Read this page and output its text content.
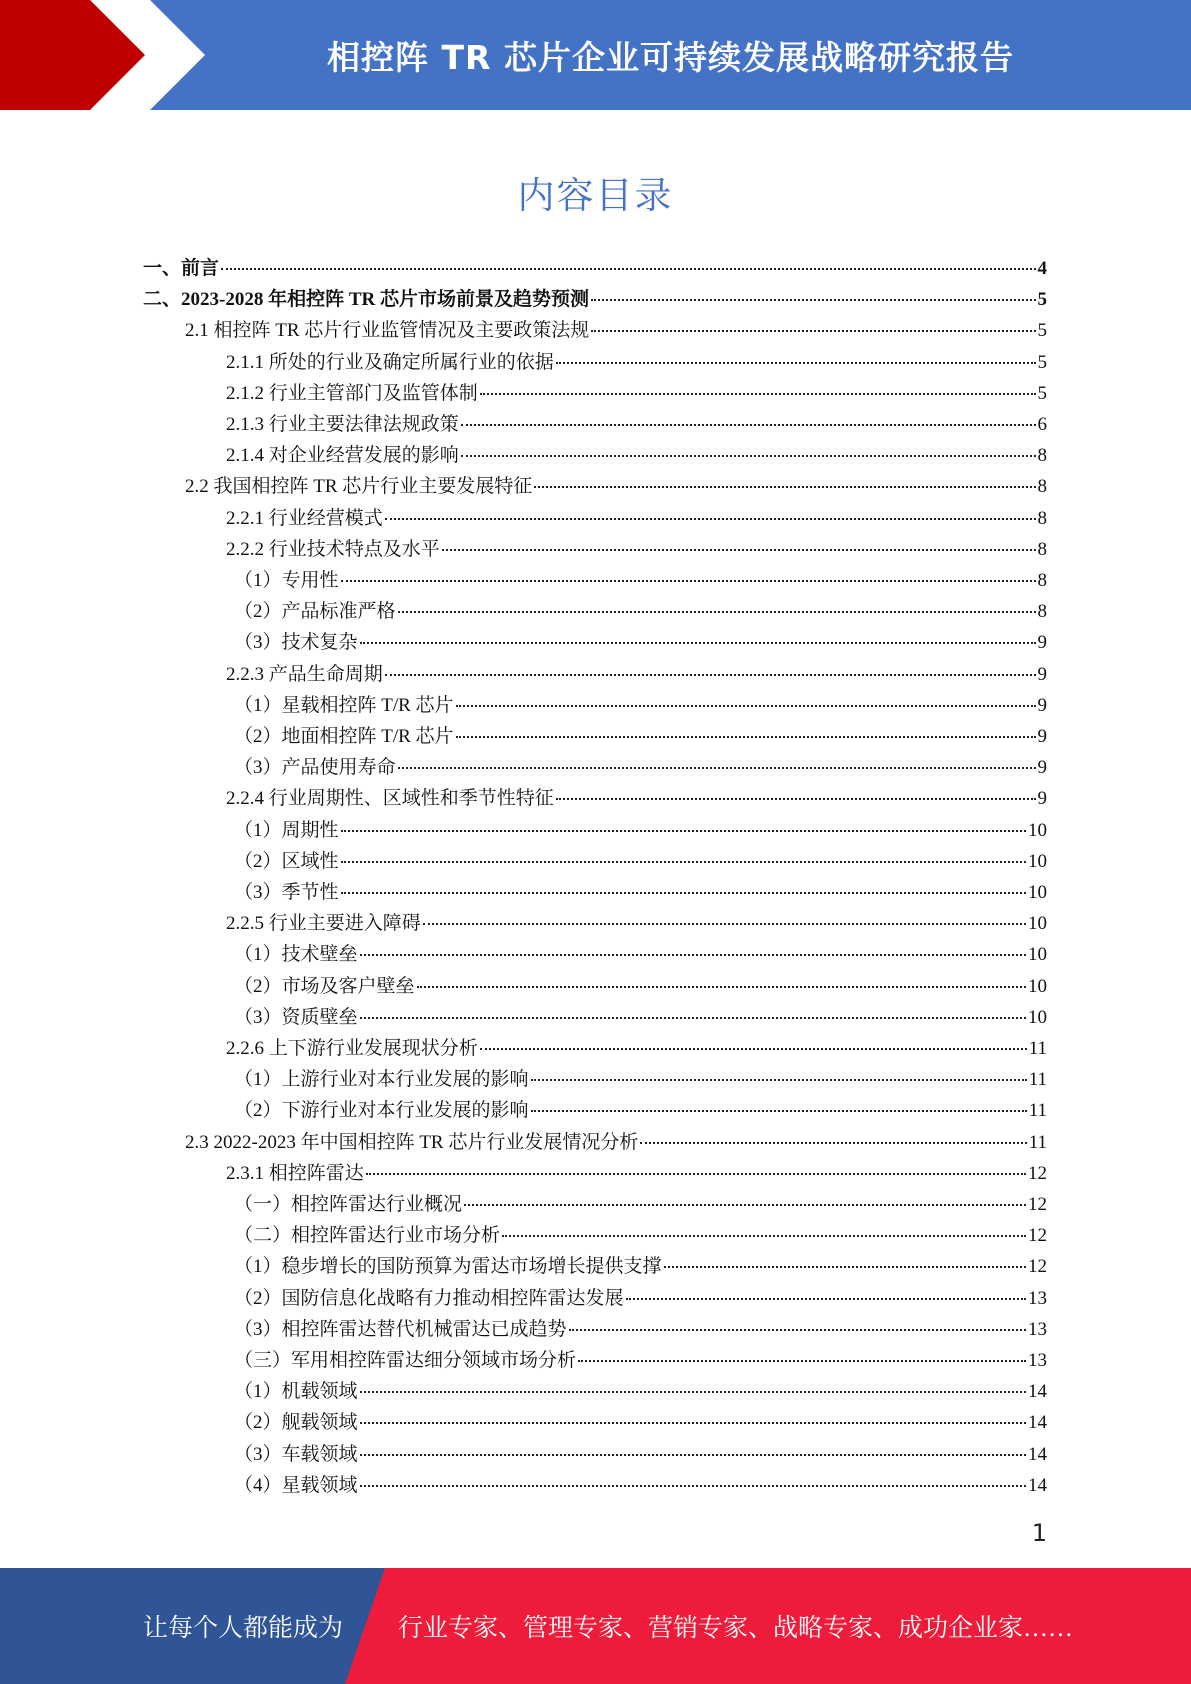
相控阵 TR 芯片企业可持续发展战略研究报告
内容目录
一、前言	4
二、2023-2028 年相控阵 TR 芯片市场前景及趋势预测	5
2.1 相控阵 TR 芯片行业监管情况及主要政策法规	5
2.1.1 所处的行业及确定所属行业的依据	5
2.1.2 行业主管部门及监管体制	5
2.1.3 行业主要法律法规政策	6
2.1.4 对企业经营发展的影响	8
2.2 我国相控阵 TR 芯片行业主要发展特征	8
2.2.1 行业经营模式	8
2.2.2 行业技术特点及水平	8
（1）专用性	8
（2）产品标准严格	8
（3）技术复杂	9
2.2.3 产品生命周期	9
（1）星载相控阵 T/R 芯片	9
（2）地面相控阵 T/R 芯片	9
（3）产品使用寿命	9
2.2.4 行业周期性、区域性和季节性特征	9
（1）周期性	10
（2）区域性	10
（3）季节性	10
2.2.5 行业主要进入障碍	10
（1）技术壁垒	10
（2）市场及客户壁垒	10
（3）资质壁垒	10
2.2.6 上下游行业发展现状分析	11
（1）上游行业对本行业发展的影响	11
（2）下游行业对本行业发展的影响	11
2.3 2022-2023 年中国相控阵 TR 芯片行业发展情况分析	11
2.3.1 相控阵雷达	12
（一）相控阵雷达行业概况	12
（二）相控阵雷达行业市场分析	12
（1）稳步增长的国防预算为雷达市场增长提供支撑	12
（2）国防信息化战略有力推动相控阵雷达发展	13
（3）相控阵雷达替代机械雷达已成趋势	13
（三）军用相控阵雷达细分领域市场分析	13
（1）机载领域	14
（2）舰载领域	14
（3）车载领域	14
（4）星载领域	14
1
让每个人都能成为 行业专家、管理专家、营销专家、战略专家、成功企业家……
